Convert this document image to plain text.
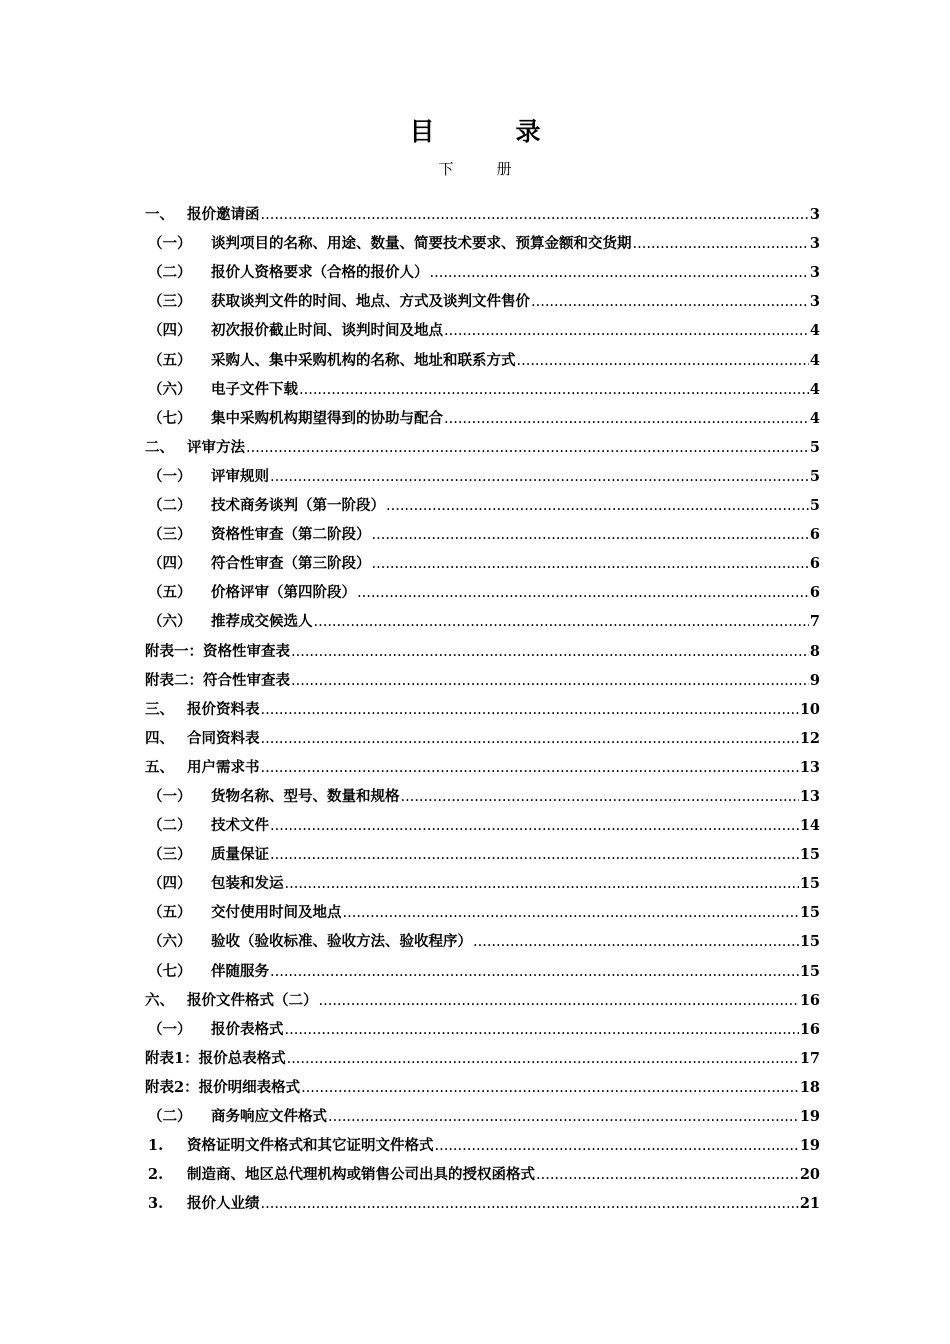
目　录
下　册
一、 报价邀请函 .....	3
（一）	谈判项目的名称、用途、数量、简要技术要求、预算金额和交货期 .....	3
（二）	报价人资格要求（合格的报价人） .....	3
（三）	获取谈判文件的时间、地点、方式及谈判文件售价 .....	3
（四）	初次报价截止时间、谈判时间及地点 .....	4
（五）	采购人、集中采购机构的名称、地址和联系方式 .....	4
（六）	电子文件下载 .....	4
（七）	集中采购机构期望得到的协助与配合 .....	4
二、 评审方法 .....	5
（一）	评审规则 .....	5
（二）	技术商务谈判（第一阶段） .....	5
（三）	资格性审查（第二阶段） .....	6
（四）	符合性审查（第三阶段） .....	6
（五）	价格评审（第四阶段） .....	6
（六）	推荐成交候选人 .....	7
附表一：资格性审查表 .....	8
附表二：符合性审查表 .....	9
三、 报价资料表 .....	10
四、 合同资料表 .....	12
五、 用户需求书 .....	13
（一）	货物名称、型号、数量和规格 .....	13
（二）	技术文件 .....	14
（三）	质量保证 .....	15
（四）	包装和发运 .....	15
（五）	交付使用时间及地点 .....	15
（六）	验收（验收标准、验收方法、验收程序） .....	15
（七）	伴随服务 .....	15
六、 报价文件格式（二） .....	16
（一）	报价表格式 .....	16
附表1：报价总表格式 .....	17
附表2：报价明细表格式 .....	18
（二）	商务响应文件格式 .....	19
1.	资格证明文件格式和其它证明文件格式 .....	19
2.	制造商、地区总代理机构或销售公司出具的授权函格式 .....	20
3.	报价人业绩 .....	21
